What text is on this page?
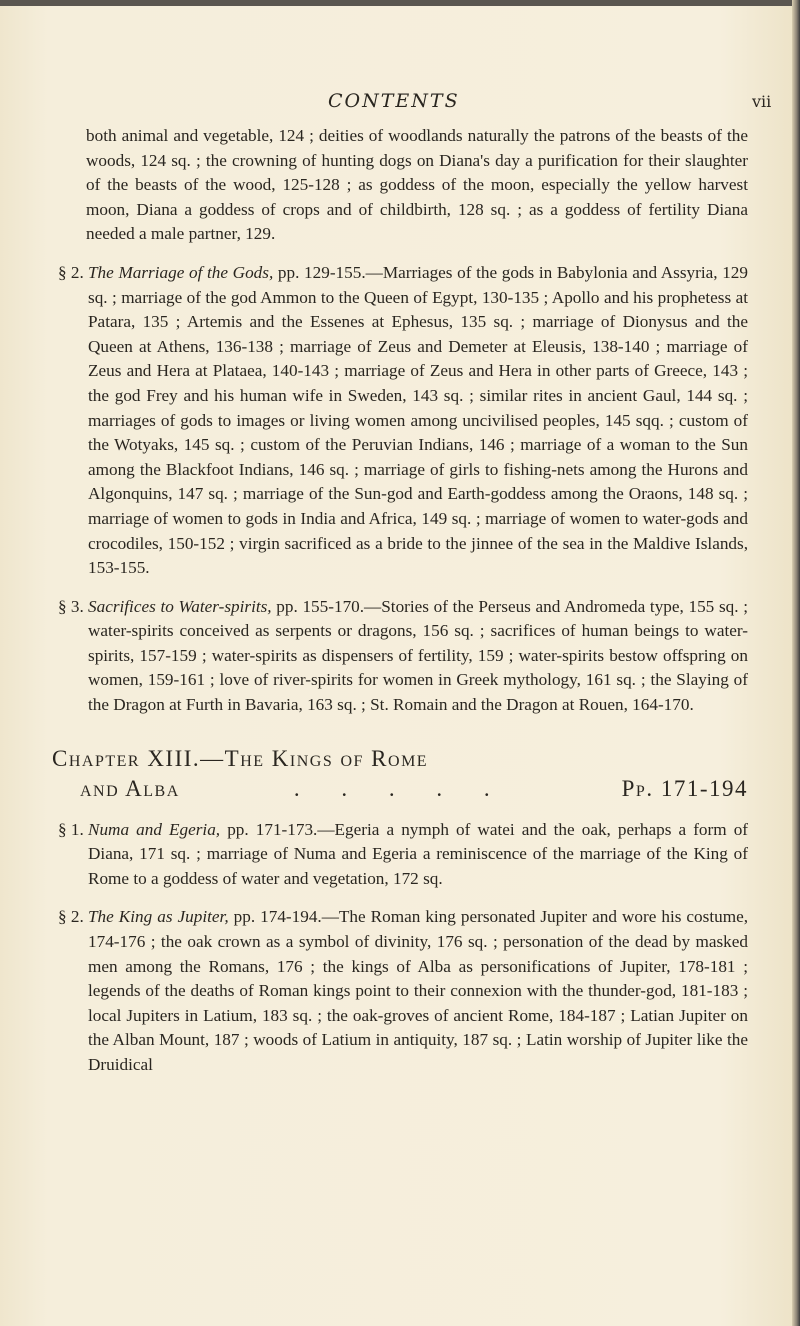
CONTENTS	vii

both animal and vegetable, 124 ; deities of woodlands naturally the patrons of the beasts of the woods, 124 sq. ; the crowning of hunting dogs on Diana's day a purification for their slaughter of the beasts of the wood, 125-128 ; as goddess of the moon, especially the yellow harvest moon, Diana a goddess of crops and of childbirth, 128 sq. ; as a goddess of fertility Diana needed a male partner, 129.

§ 2. The Marriage of the Gods, pp. 129-155.—Marriages of the gods in Babylonia and Assyria, 129 sq. ; marriage of the god Ammon to the Queen of Egypt, 130-135 ; Apollo and his prophetess at Patara, 135 ; Artemis and the Essenes at Ephesus, 135 sq. ; marriage of Dionysus and the Queen at Athens, 136-138 ; marriage of Zeus and Demeter at Eleusis, 138-140 ; marriage of Zeus and Hera at Plataea, 140-143 ; marriage of Zeus and Hera in other parts of Greece, 143 ; the god Frey and his human wife in Sweden, 143 sq. ; similar rites in ancient Gaul, 144 sq. ; marriages of gods to images or living women among uncivilised peoples, 145 sqq. ; custom of the Wotyaks, 145 sq. ; custom of the Peruvian Indians, 146 ; marriage of a woman to the Sun among the Blackfoot Indians, 146 sq. ; marriage of girls to fishing-nets among the Hurons and Algonquins, 147 sq. ; marriage of the Sun-god and Earth-goddess among the Oraons, 148 sq. ; marriage of women to gods in India and Africa, 149 sq. ; marriage of women to water-gods and crocodiles, 150-152 ; virgin sacrificed as a bride to the jinnee of the sea in the Maldive Islands, 153-155.
§ 3. Sacrifices to Water-spirits, pp. 155-170.—Stories of the Perseus and Andromeda type, 155 sq. ; water-spirits conceived as serpents or dragons, 156 sq. ; sacrifices of human beings to water-spirits, 157-159 ; water-spirits as dispensers of fertility, 159 ; water-spirits bestow offspring on women, 159-161 ; love of river-spirits for women in Greek mythology, 161 sq. ; the Slaying of the Dragon at Furth in Bavaria, 163 sq. ; St. Romain and the Dragon at Rouen, 164-170.
Chapter XIII.—The Kings of Rome
and Alba	. . . . .	Pp. 171-194
§ 1. Numa and Egeria, pp. 171-173.—Egeria a nymph of watei and the oak, perhaps a form of Diana, 171 sq. ; marriage of Numa and Egeria a reminiscence of the marriage of the King of Rome to a goddess of water and vegetation, 172 sq.
§ 2. The King as Jupiter, pp. 174-194.—The Roman king personated Jupiter and wore his costume, 174-176 ; the oak crown as a symbol of divinity, 176 sq. ; personation of the dead by masked men among the Romans, 176 ; the kings of Alba as personifications of Jupiter, 178-181 ; legends of the deaths of Roman kings point to their connexion with the thunder-god, 181-183 ; local Jupiters in Latium, 183 sq. ; the oak-groves of ancient Rome, 184-187 ; Latian Jupiter on the Alban Mount, 187 ; woods of Latium in antiquity, 187 sq. ; Latin worship of Jupiter like the Druidical
